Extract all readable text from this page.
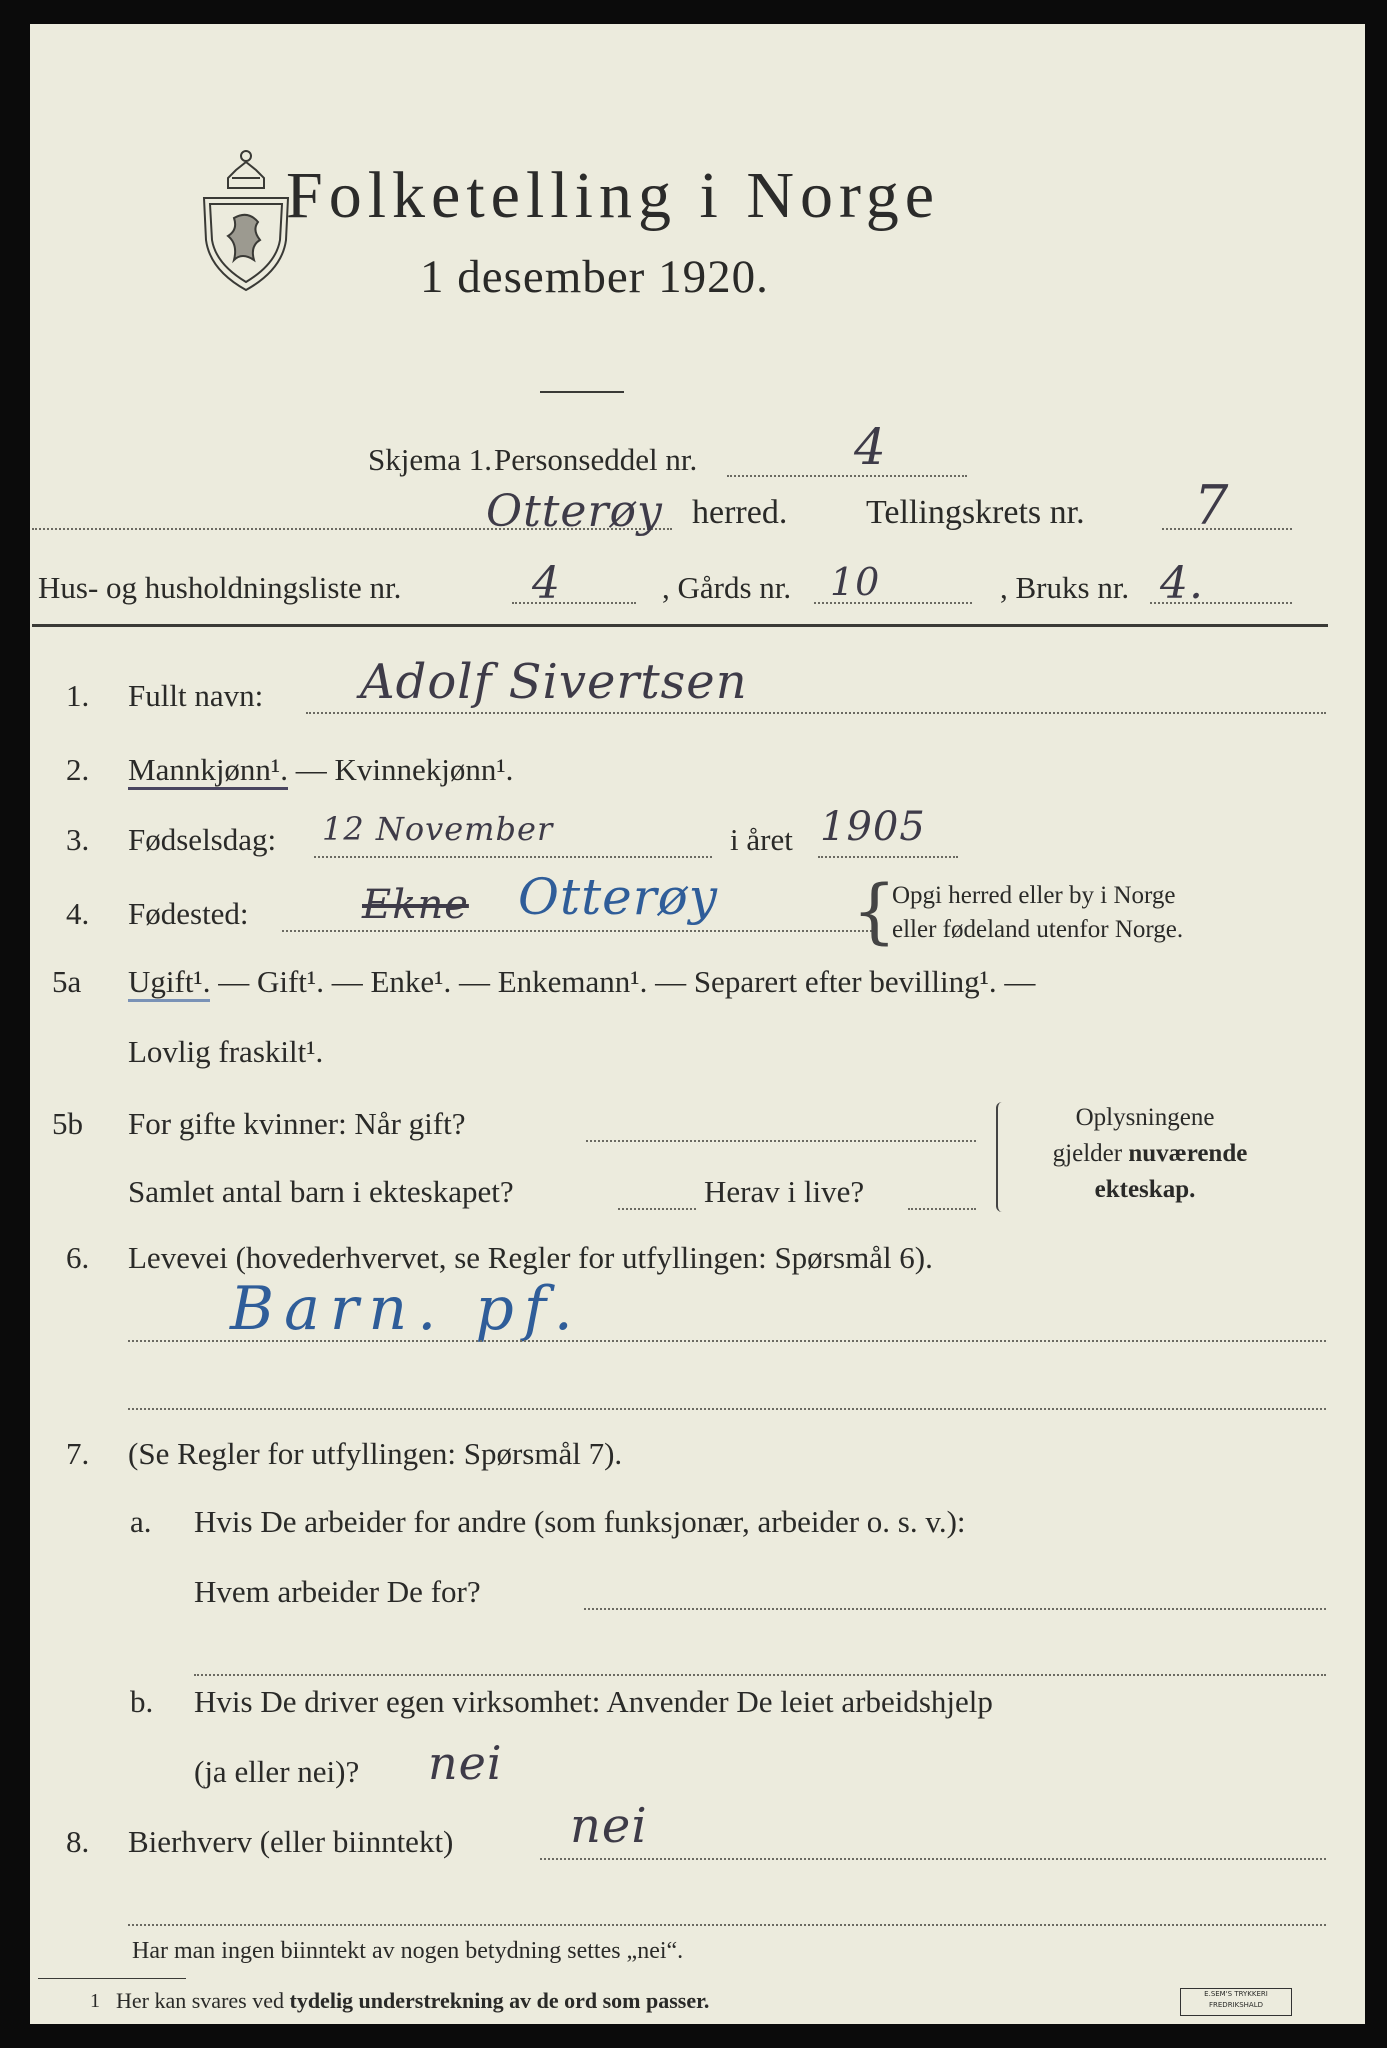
Folketelling i Norge
1 desember 1920.
Skjema 1. Personseddel nr.	4
Otterøy herred. Tellingskrets nr. 7
Hus- og husholdningsliste nr.	4	, Gårds nr. 10	, Bruks nr. 4.
1. Fullt navn: Adolf Sivertsen
2. Mannkjønn¹. — Kvinnekjønn¹.
3. Fødselsdag: 12 November	i året 1905
4. Fødested:	Ekne Otterøy {
Opgi herred eller by i Norge
eller fødeland utenfor Norge.
5a Ugift¹. — Gift¹. — Enke¹. — Enkemann¹. — Separert efter bevilling¹. —
Lovlig fraskilt¹.
5b For gifte kvinner: Når gift?
Samlet antal barn i ekteskapet?	Herav i live?
Oplysningene
gjelder nuværende
ekteskap.
6. Levevei (hovederhvervet, se Regler for utfyllingen: Spørsmål 6).
Barn. pf.
7. (Se Regler for utfyllingen: Spørsmål 7).
a. Hvis De arbeider for andre (som funksjonær, arbeider o. s. v.):
Hvem arbeider De for?
b. Hvis De driver egen virksomhet: Anvender De leiet arbeidshjelp
(ja eller nei)? nei
8. Bierhverv (eller biinntekt) nei
Har man ingen biinntekt av nogen betydning settes „nei“.
1 Her kan svares ved tydelig understrekning av de ord som passer.	E.SEM'S TRYKKERI
FREDRIKSHALD
